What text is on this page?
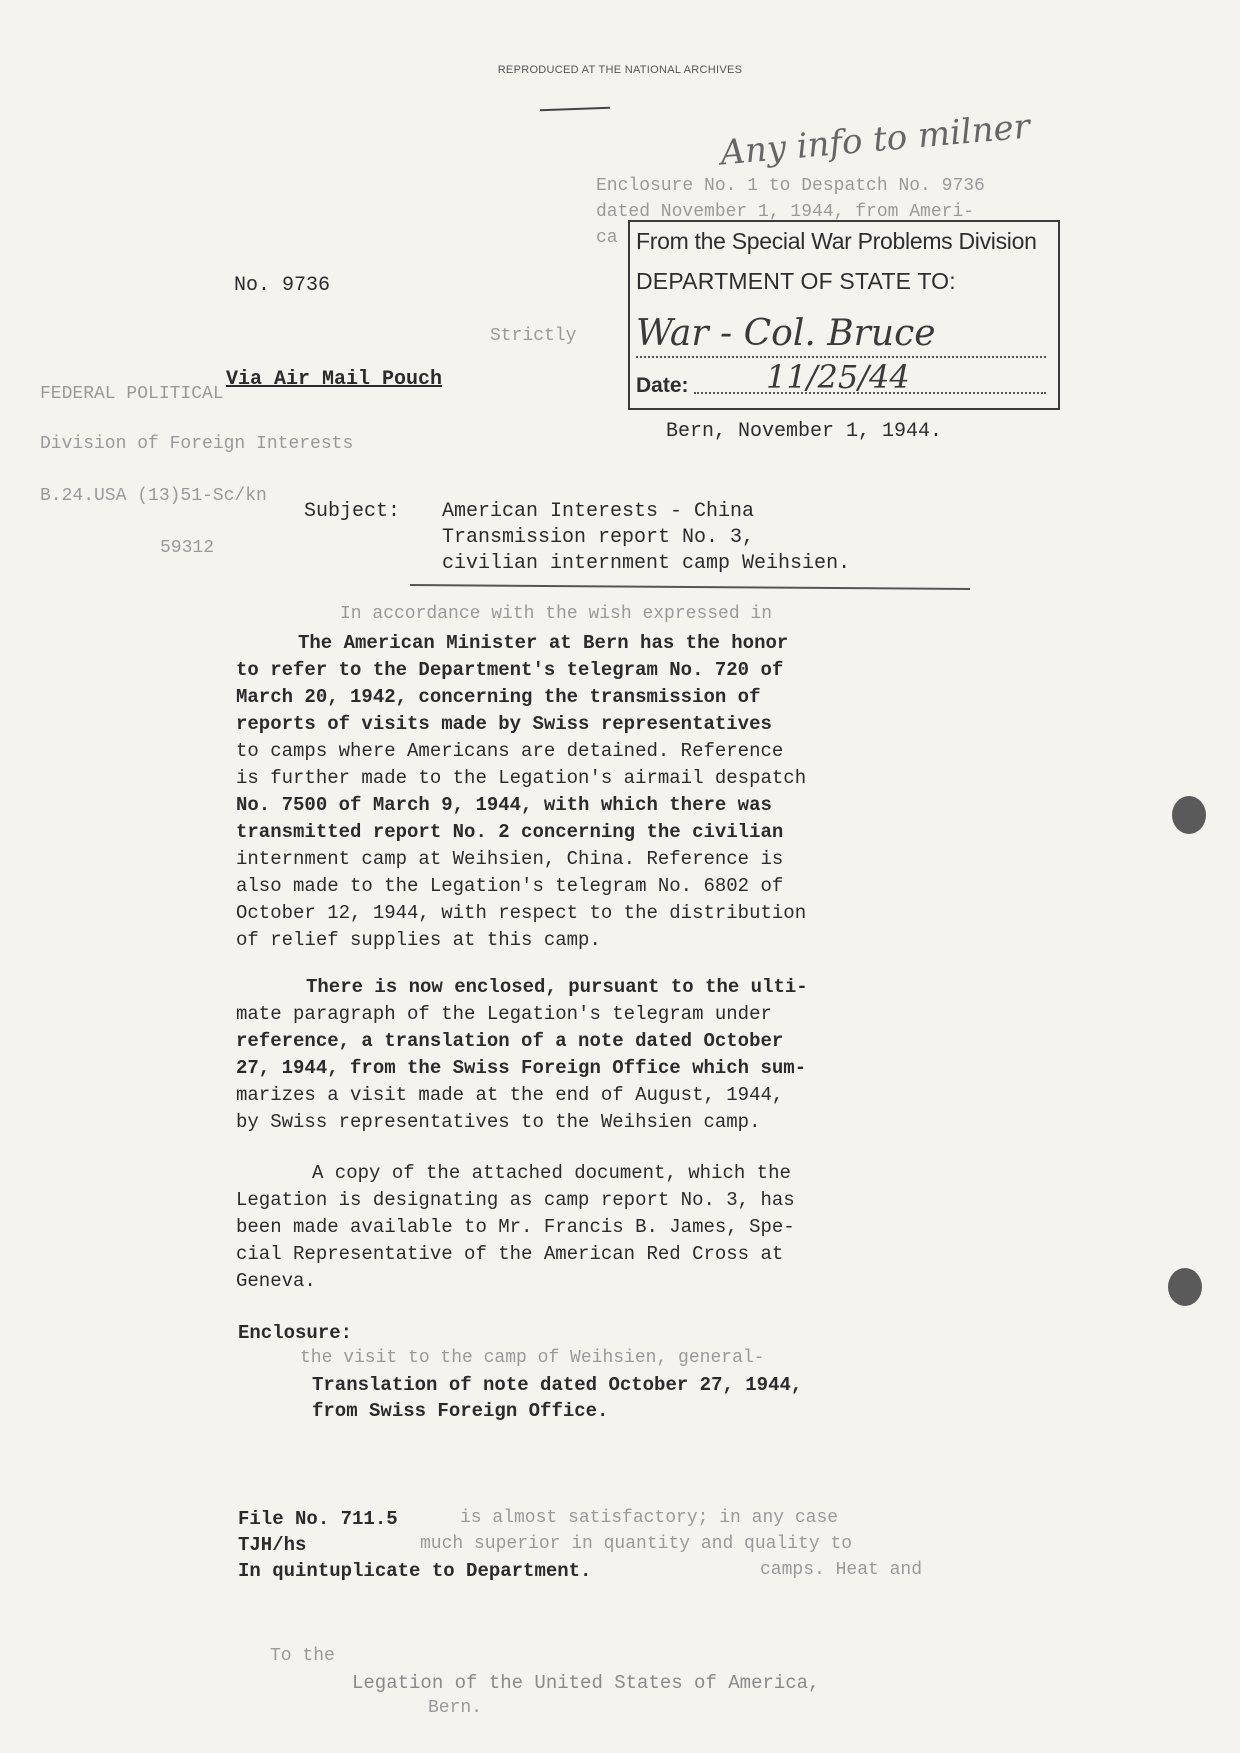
REPRODUCED AT THE NATIONAL ARCHIVES
Any info to milner
Enclosure No. 1 to Despatch No. 9736
dated November 1, 1944, from Ameri-
ca From the Special War Problems Division
DEPARTMENT OF STATE TO:
War - Col. Bruce
Date: 11/25/44
No. 9736
Strictly
FEDERAL POLITICAL
Via Air Mail Pouch
Division of Foreign Interests
B.24.USA (13)51-Sc/kn
59312
Bern, November 1, 1944.
Subject: American Interests - China
Transmission report No. 3,
civilian internment camp Weihsien.
In accordance with the wish expressed in
The American Minister at Bern has the honor
to refer to the Department's telegram No. 720 of
March 20, 1942, concerning the transmission of
reports of visits made by Swiss representatives
to camps where Americans are detained. Reference
is further made to the Legation's airmail despatch
No. 7500 of March 9, 1944, with which there was
transmitted report No. 2 concerning the civilian
internment camp at Weihsien, China. Reference is
also made to the Legation's telegram No. 6802 of
October 12, 1944, with respect to the distribution
of relief supplies at this camp.
There is now enclosed, pursuant to the ulti-
mate paragraph of the Legation's telegram under
reference, a translation of a note dated October
27, 1944, from the Swiss Foreign Office which sum-
marizes a visit made at the end of August, 1944,
by Swiss representatives to the Weihsien camp.
A copy of the attached document, which the
Legation is designating as camp report No. 3, has
been made available to Mr. Francis B. James, Spe-
cial Representative of the American Red Cross at
Geneva.
Enclosure:
the visit to the camp of Weihsien, general-
Translation of note dated October 27, 1944,
from Swiss Foreign Office.
File No. 711.5
TJH/hs
In quintuplicate to Department.
is almost satisfactory; in any case
much superior in quantity and quality to
camps. Heat and
To the
Legation of the United States of America,
Bern.
